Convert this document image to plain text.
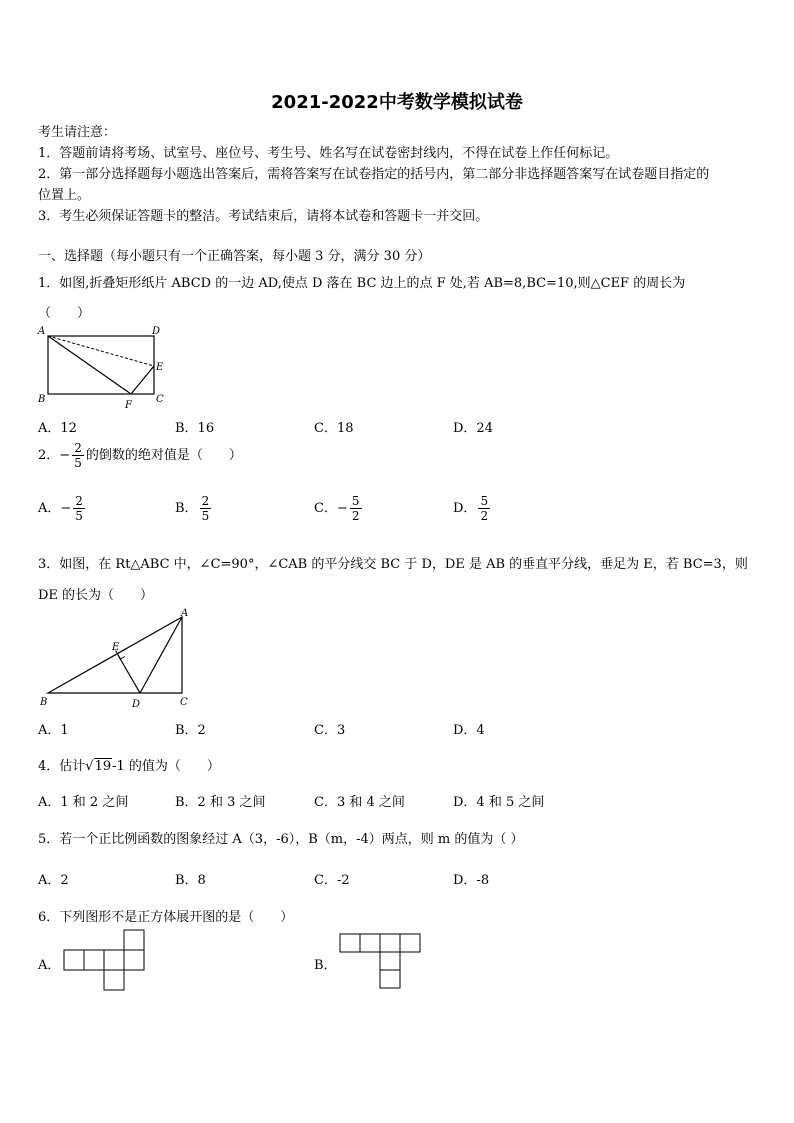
2021-2022中考数学模拟试卷
考生请注意：
1．答题前请将考场、试室号、座位号、考生号、姓名写在试卷密封线内，不得在试卷上作任何标记。
2．第一部分选择题每小题选出答案后，需将答案写在试卷指定的括号内，第二部分非选择题答案写在试卷题目指定的
位置上。
3．考生必须保证答题卡的整洁。考试结束后，请将本试卷和答题卡一并交回。
一、选择题（每小题只有一个正确答案，每小题 3 分，满分 30 分）
1．如图,折叠矩形纸片 ABCD 的一边 AD,使点 D 落在 BC 边上的点 F 处,若 AB=8,BC=10,则△CEF 的周长为
（　　）
A	D
E
B
F
C
A．12	B．16	C．18	D．24
2．− $\frac{2}{5}$ 的倒数的绝对值是（　　）
A．− $\frac{2}{5}$	B． $\frac{2}{5}$	C．− $\frac{5}{2}$	D． $\frac{5}{2}$
3．如图，在 Rt△ABC 中，∠C=90°，∠CAB 的平分线交 BC 于 D，DE 是 AB 的垂直平分线，垂足为 E，若 BC=3，则
DE 的长为（　　）
A
B	C
D
E
A．1	B．2	C．3	D．4
4．估计√19-1 的值为（　　）
A．1 和 2 之间	B．2 和 3 之间	C．3 和 4 之间	D．4 和 5 之间
5．若一个正比例函数的图象经过 A（3，-6），B（m，-4）两点，则 m 的值为（ ）
A．2	B．8	C．-2	D．-8
6．下列图形不是正方体展开图的是（　　）
A．	B．
